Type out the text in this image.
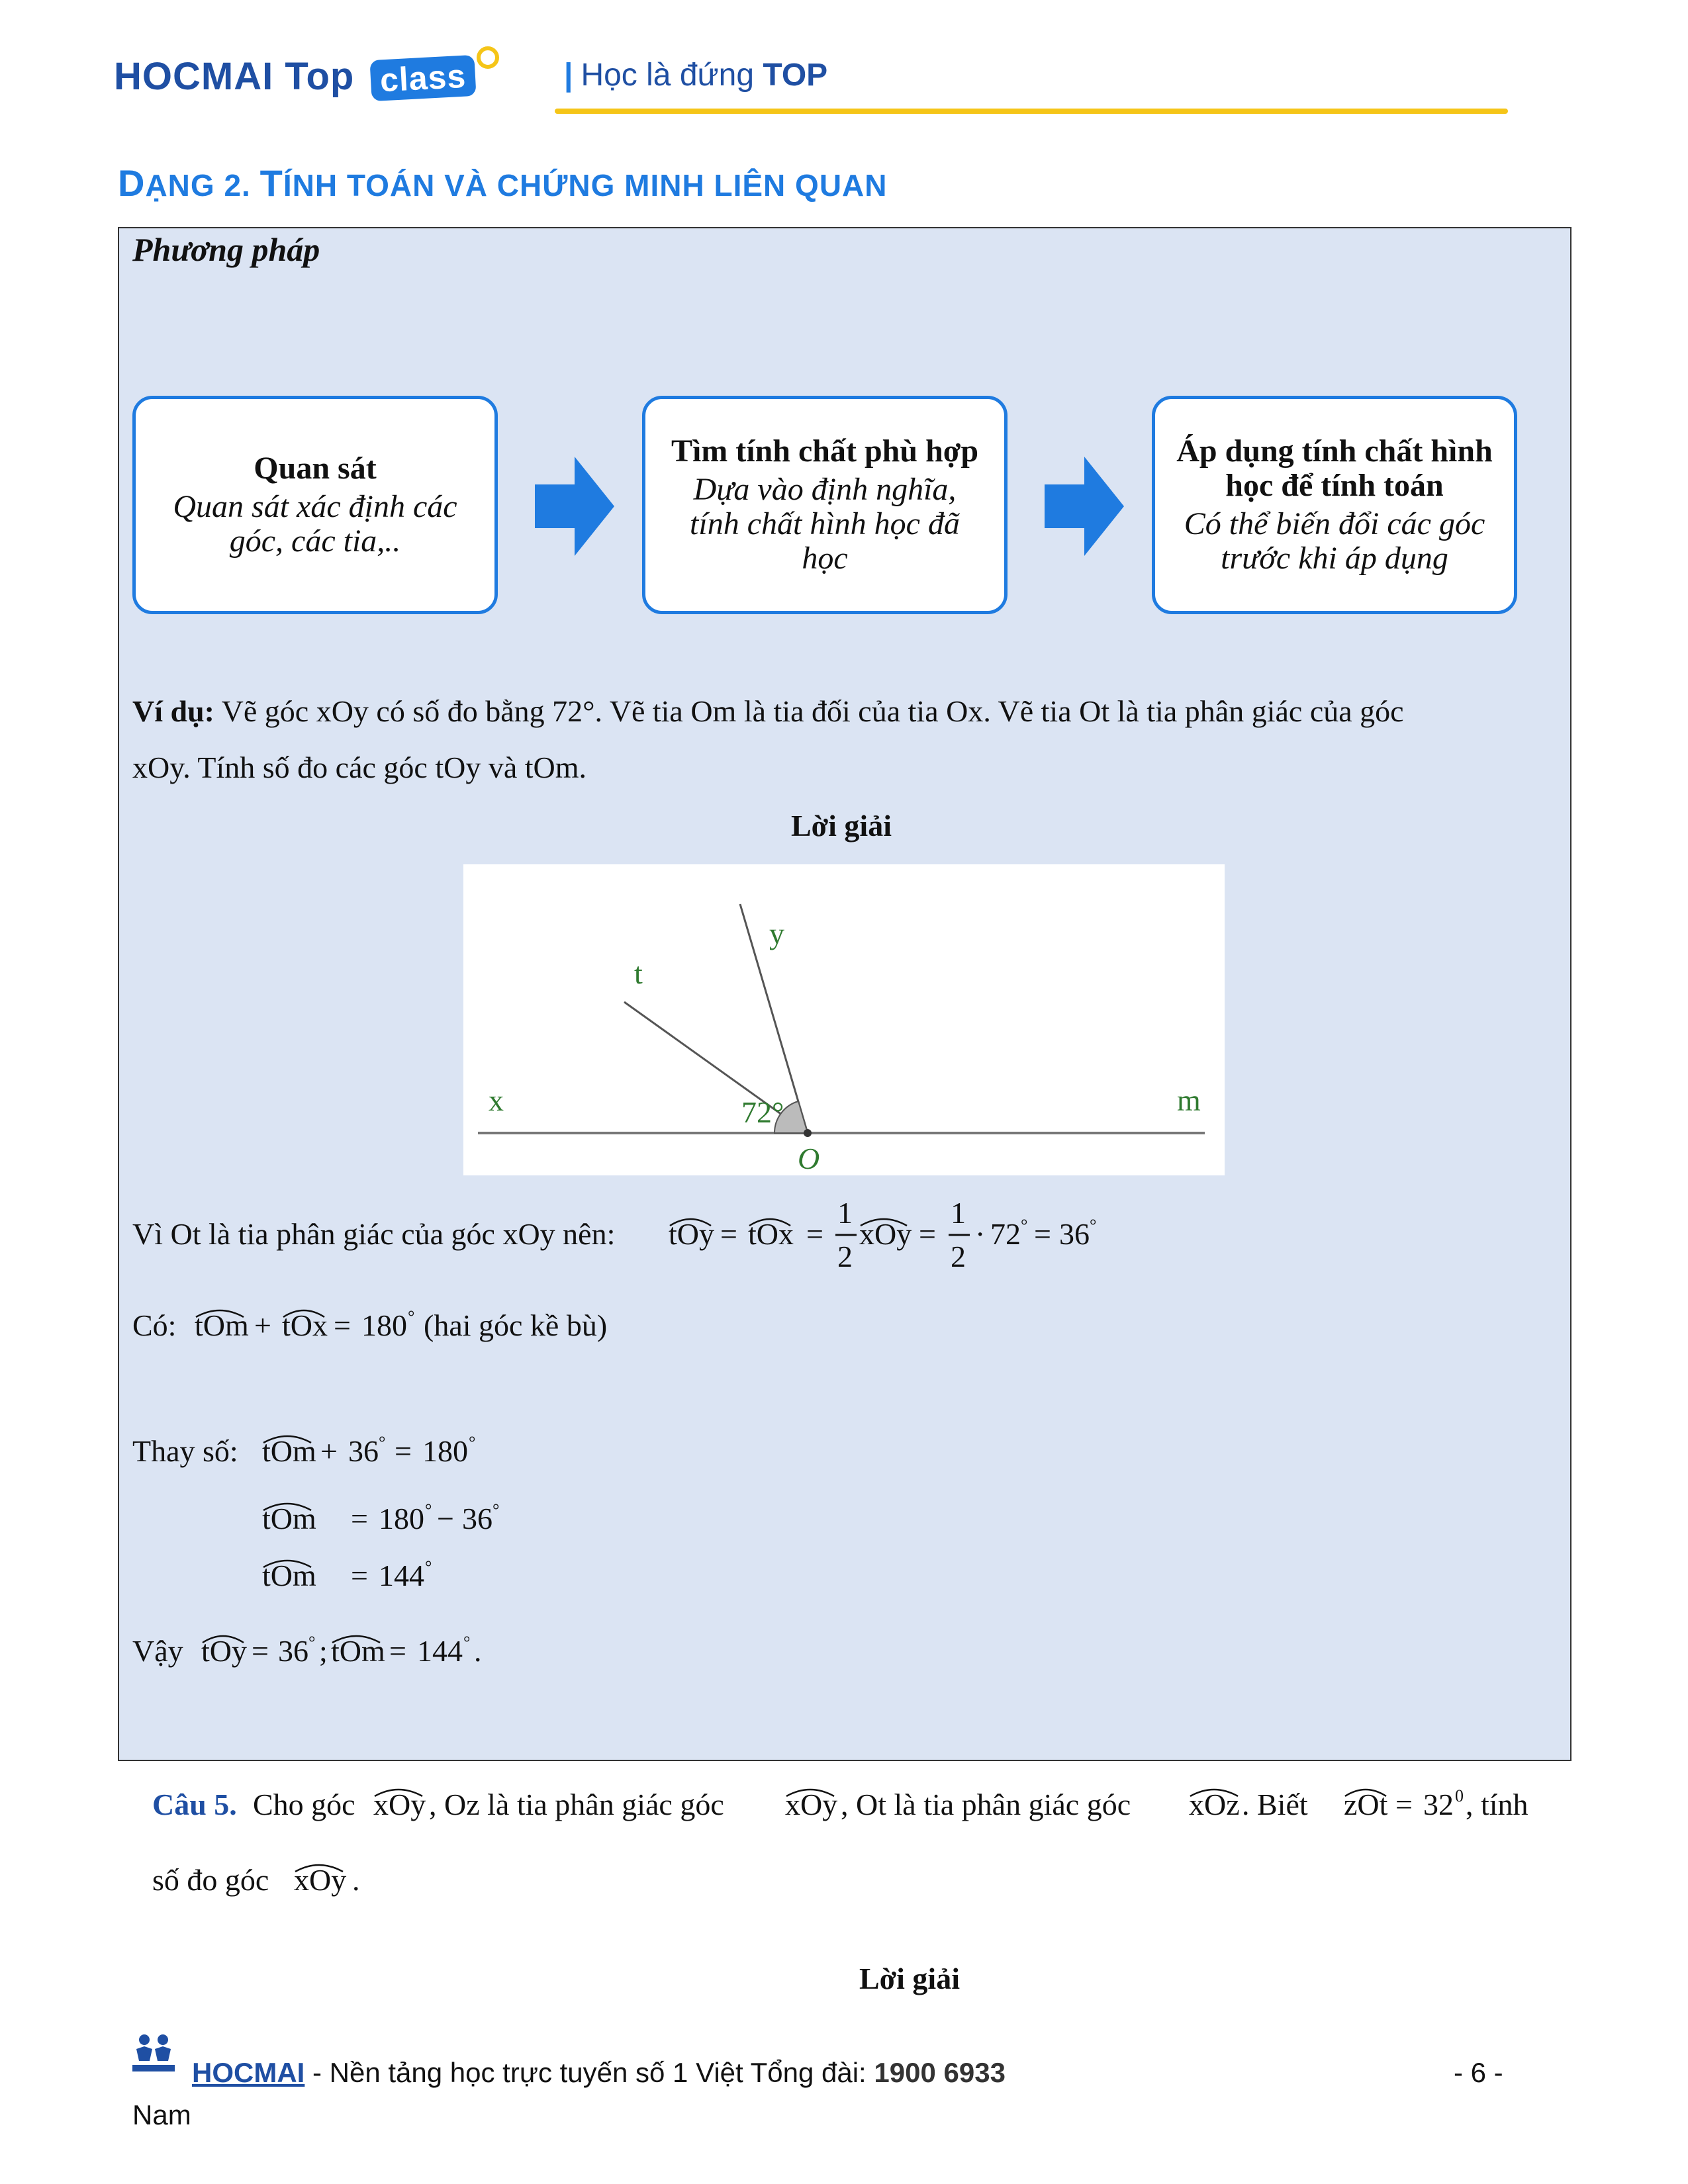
HOCMAI Top class	| Học là đứng TOP
DẠNG 2. TÍNH TOÁN VÀ CHỨNG MINH LIÊN QUAN
Phương pháp
Quan sát
Quan sát xác định các góc, các tia,..
Tìm tính chất phù hợp
Dựa vào định nghĩa, tính chất hình học đã học
Áp dụng tính chất hình học để tính toán
Có thể biến đổi các góc trước khi áp dụng
Ví dụ: Vẽ góc xOy có số đo bằng 72°. Vẽ tia Om là tia đối của tia Ox. Vẽ tia Ot là tia phân giác của góc
xOy. Tính số đo các góc tOy và tOm.
Lời giải
y
t
x	m
72°
O
Vì Ot là tia phân giác của góc xOy nên: tOy = tOx =
1
2
xOy =
1
2
· 72 ° = 36 °
Có: tOm + tOx = 180 ° (hai góc kề bù)
Thay số: tOm + 36 ° = 180 °
tOm = 180 ° − 36 °
tOm = 144 °
Vậy tOy = 36 ° ; tOm = 144 ° .
Câu 5. Cho góc xOy , Oz là tia phân giác góc xOy , Ot là tia phân giác góc xOz . Biết zOt = 32 0 , tính
số đo góc xOy .
Lời giải
HOCMAI - Nền tảng học trực tuyến số 1 Việt Tổng đài: 1900 6933
Nam
- 6 -
